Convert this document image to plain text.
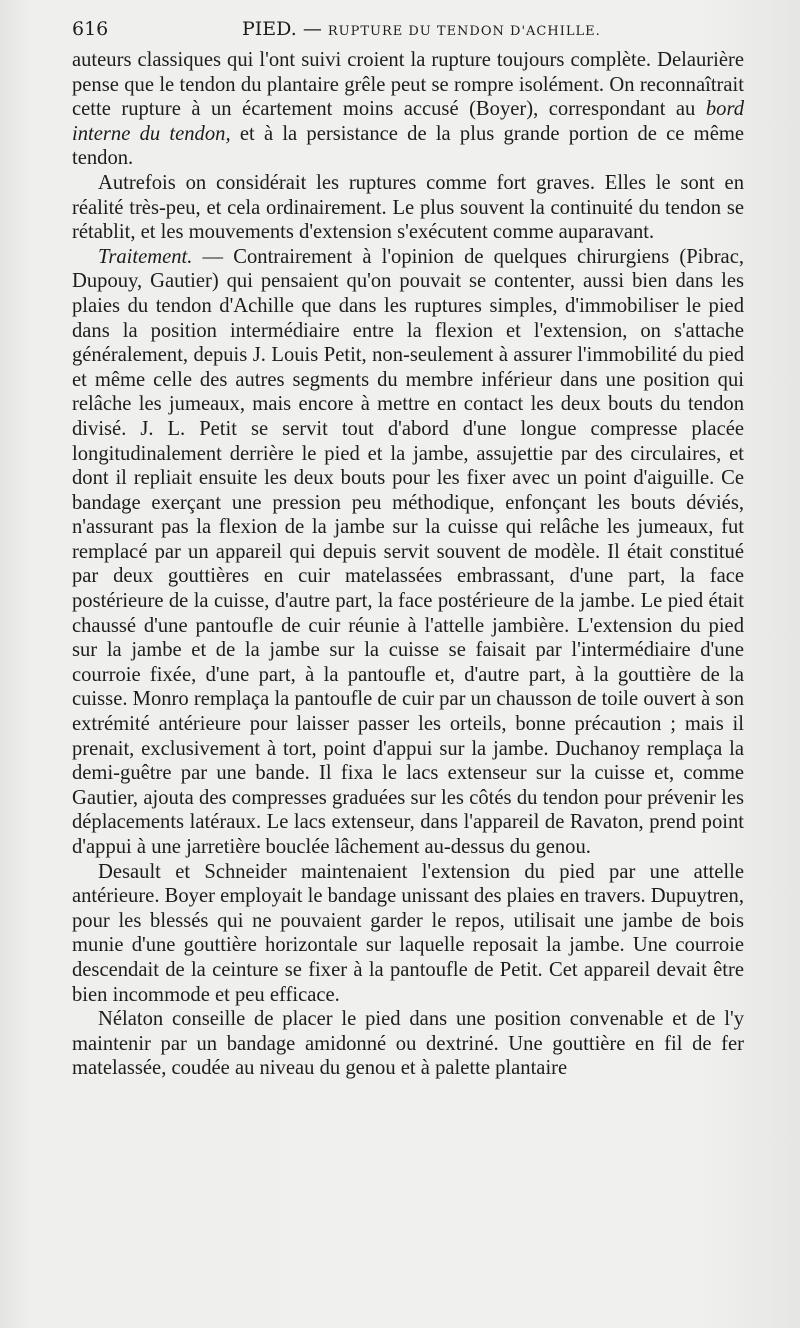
616	PIED. — RUPTURE DU TENDON D'ACHILLE.

auteurs classiques qui l'ont suivi croient la rupture toujours complète. Delaurière pense que le tendon du plantaire grêle peut se rompre isolément. On reconnaîtrait cette rupture à un écartement moins accusé (Boyer), correspondant au bord interne du tendon, et à la persistance de la plus grande portion de ce même tendon.

Autrefois on considérait les ruptures comme fort graves. Elles le sont en réalité très-peu, et cela ordinairement. Le plus souvent la continuité du tendon se rétablit, et les mouvements d'extension s'exécutent comme auparavant.

Traitement. — Contrairement à l'opinion de quelques chirurgiens (Pibrac, Dupouy, Gautier) qui pensaient qu'on pouvait se contenter, aussi bien dans les plaies du tendon d'Achille que dans les ruptures simples, d'immobiliser le pied dans la position intermédiaire entre la flexion et l'extension, on s'attache généralement, depuis J. Louis Petit, non-seulement à assurer l'immobilité du pied et même celle des autres segments du membre inférieur dans une position qui relâche les jumeaux, mais encore à mettre en contact les deux bouts du tendon divisé. J. L. Petit se servit tout d'abord d'une longue compresse placée longitudinalement derrière le pied et la jambe, assujettie par des circulaires, et dont il repliait ensuite les deux bouts pour les fixer avec un point d'aiguille. Ce bandage exerçant une pression peu méthodique, enfonçant les bouts déviés, n'assurant pas la flexion de la jambe sur la cuisse qui relâche les jumeaux, fut remplacé par un appareil qui depuis servit souvent de modèle. Il était constitué par deux gouttières en cuir matelassées embrassant, d'une part, la face postérieure de la cuisse, d'autre part, la face postérieure de la jambe. Le pied était chaussé d'une pantoufle de cuir réunie à l'attelle jambière. L'extension du pied sur la jambe et de la jambe sur la cuisse se faisait par l'intermédiaire d'une courroie fixée, d'une part, à la pantoufle et, d'autre part, à la gouttière de la cuisse. Monro remplaça la pantoufle de cuir par un chausson de toile ouvert à son extrémité antérieure pour laisser passer les orteils, bonne précaution ; mais il prenait, exclusivement à tort, point d'appui sur la jambe. Duchanoy remplaça la demi-guêtre par une bande. Il fixa le lacs extenseur sur la cuisse et, comme Gautier, ajouta des compresses graduées sur les côtés du tendon pour prévenir les déplacements latéraux. Le lacs extenseur, dans l'appareil de Ravaton, prend point d'appui à une jarretière bouclée lâchement au-dessus du genou.

Desault et Schneider maintenaient l'extension du pied par une attelle antérieure. Boyer employait le bandage unissant des plaies en travers. Dupuytren, pour les blessés qui ne pouvaient garder le repos, utilisait une jambe de bois munie d'une gouttière horizontale sur laquelle reposait la jambe. Une courroie descendait de la ceinture se fixer à la pantoufle de Petit. Cet appareil devait être bien incommode et peu efficace.

Nélaton conseille de placer le pied dans une position convenable et de l'y maintenir par un bandage amidonné ou dextriné. Une gouttière en fil de fer matelassée, coudée au niveau du genou et à palette plantaire
